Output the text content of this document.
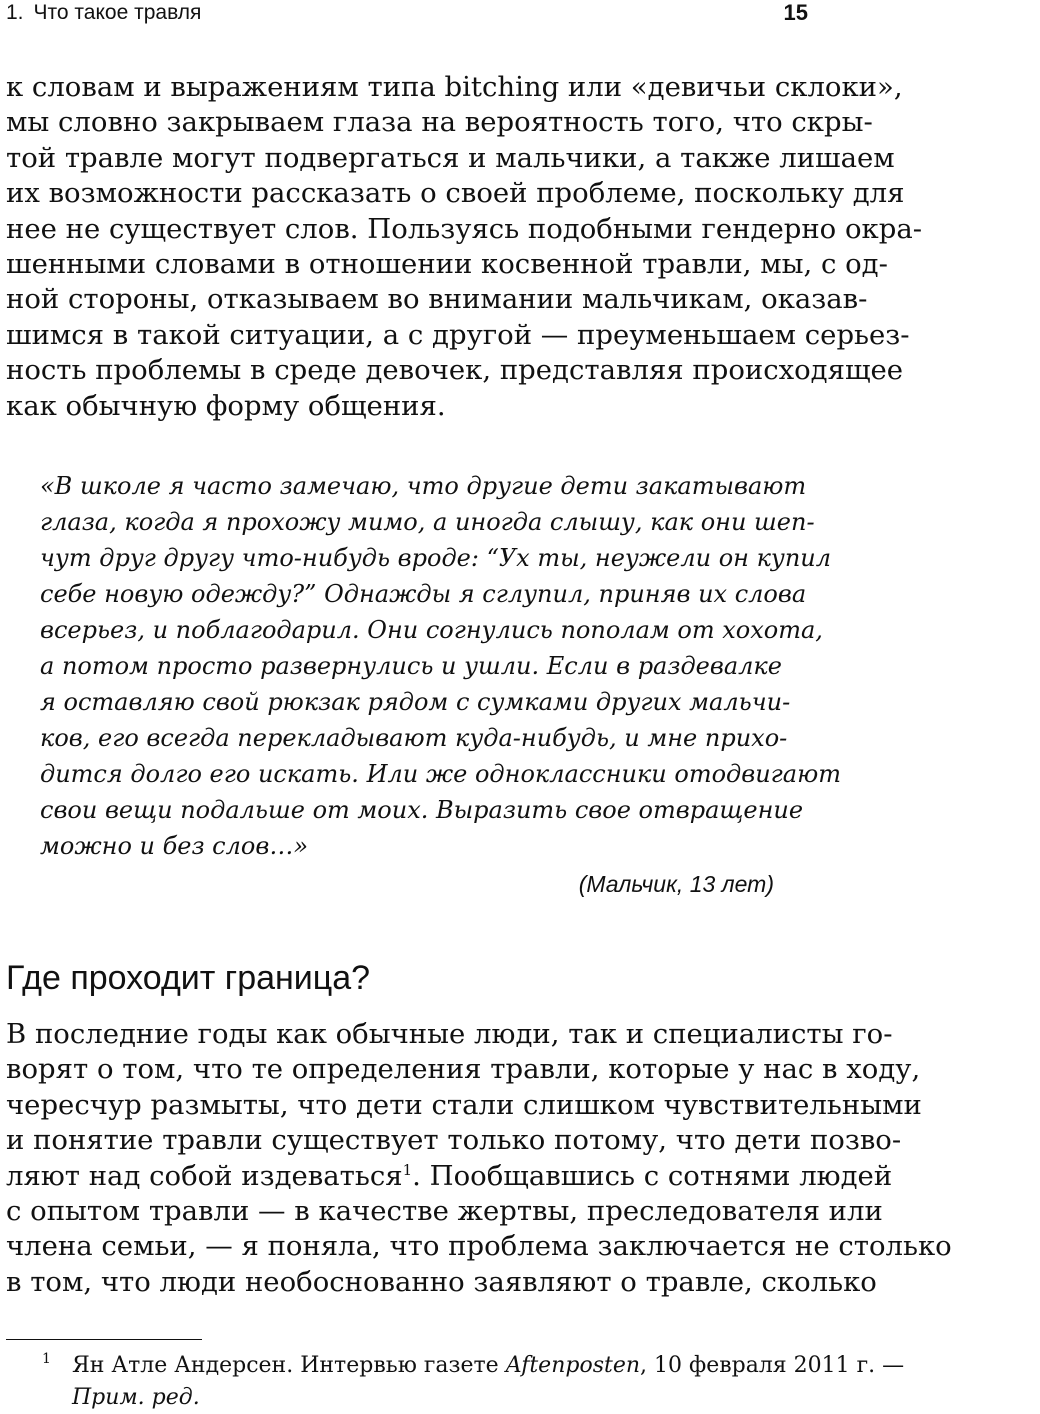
1. Что такое травля	15
к словам и выражениям типа bitching или «девичьи склоки»,
мы словно закрываем глаза на вероятность того, что скры-
той травле могут подвергаться и мальчики, а также лишаем
их возможности рассказать о своей проблеме, поскольку для
нее не существует слов. Пользуясь подобными гендерно окра-
шенными словами в отношении косвенной травли, мы, с од-
ной стороны, отказываем во внимании мальчикам, оказав-
шимся в такой ситуации, а с другой — преуменьшаем серьез-
ность проблемы в среде девочек, представляя происходящее
как обычную форму общения.
«В школе я часто замечаю, что другие дети закатывают
глаза, когда я прохожу мимо, а иногда слышу, как они шеп-
чут друг другу что-нибудь вроде: “Ух ты, неужели он купил
себе новую одежду?” Однажды я сглупил, приняв их слова
всерьез, и поблагодарил. Они согнулись пополам от хохота,
а потом просто развернулись и ушли. Если в раздевалке
я оставляю свой рюкзак рядом с сумками других мальчи-
ков, его всегда перекладывают куда-нибудь, и мне прихо-
дится долго его искать. Или же одноклассники отодвигают
свои вещи подальше от моих. Выразить свое отвращение
можно и без слов…»
(Мальчик, 13 лет)
Где проходит граница?
В последние годы как обычные люди, так и специалисты го-
ворят о том, что те определения травли, которые у нас в ходу,
чересчур размыты, что дети стали слишком чувствительными
и понятие травли существует только потому, что дети позво-
ляют над собой издеваться$^1$. Пообщавшись с сотнями людей
с опытом травли — в качестве жертвы, преследователя или
члена семьи, — я поняла, что проблема заключается не столько
в том, что люди необоснованно заявляют о травле, сколько
1 Ян Атле Андерсен. Интервью газете Aftenposten, 10 февраля 2011 г. —
Прим. ред.
